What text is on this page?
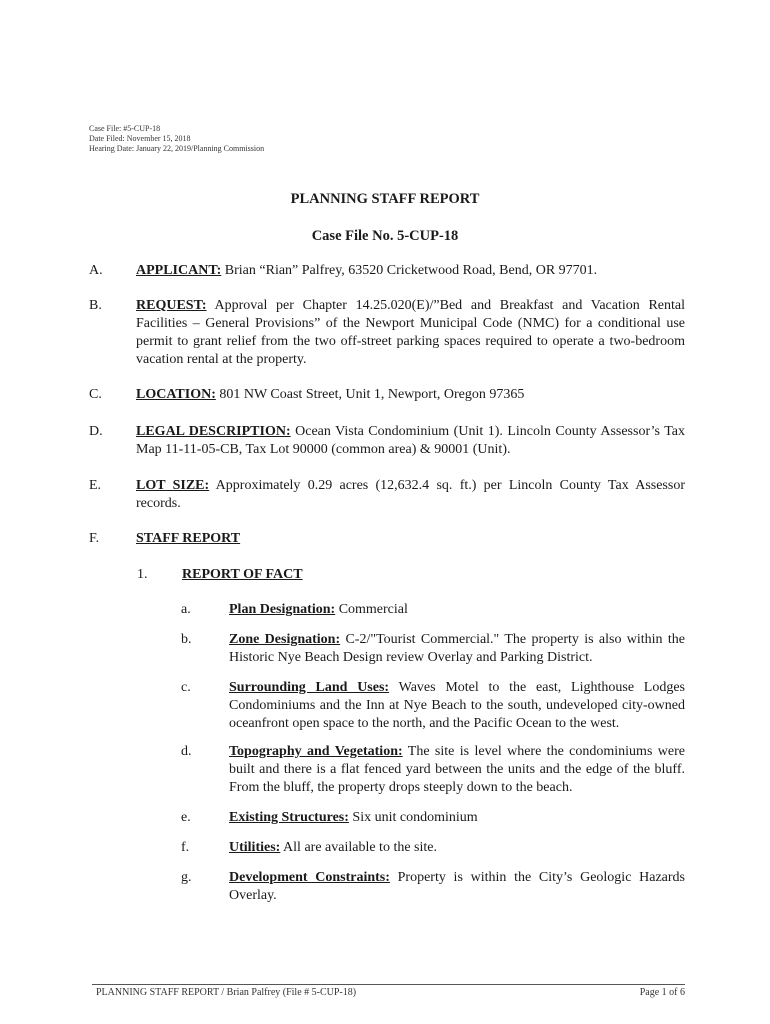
Case File: #5-CUP-18
Date Filed: November 15, 2018
Hearing Date: January 22, 2019/Planning Commission
PLANNING STAFF REPORT
Case File No. 5-CUP-18
A.	APPLICANT: Brian “Rian” Palfrey, 63520 Cricketwood Road, Bend, OR 97701.
B.	REQUEST: Approval per Chapter 14.25.020(E)/”Bed and Breakfast and Vacation Rental Facilities – General Provisions” of the Newport Municipal Code (NMC) for a conditional use permit to grant relief from the two off-street parking spaces required to operate a two-bedroom vacation rental at the property.
C.	LOCATION: 801 NW Coast Street, Unit 1, Newport, Oregon 97365
D.	LEGAL DESCRIPTION: Ocean Vista Condominium (Unit 1). Lincoln County Assessor’s Tax Map 11-11-05-CB, Tax Lot 90000 (common area) & 90001 (Unit).
E.	LOT SIZE: Approximately 0.29 acres (12,632.4 sq. ft.) per Lincoln County Tax Assessor records.
F.	STAFF REPORT
1. REPORT OF FACT
a.	Plan Designation: Commercial
b.	Zone Designation: C-2/"Tourist Commercial." The property is also within the Historic Nye Beach Design review Overlay and Parking District.
c.	Surrounding Land Uses: Waves Motel to the east, Lighthouse Lodges Condominiums and the Inn at Nye Beach to the south, undeveloped city-owned oceanfront open space to the north, and the Pacific Ocean to the west.
d.	Topography and Vegetation: The site is level where the condominiums were built and there is a flat fenced yard between the units and the edge of the bluff. From the bluff, the property drops steeply down to the beach.
e.	Existing Structures: Six unit condominium
f.	Utilities: All are available to the site.
g.	Development Constraints: Property is within the City’s Geologic Hazards Overlay.
PLANNING STAFF REPORT / Brian Palfrey (File # 5-CUP-18)	Page 1 of 6
